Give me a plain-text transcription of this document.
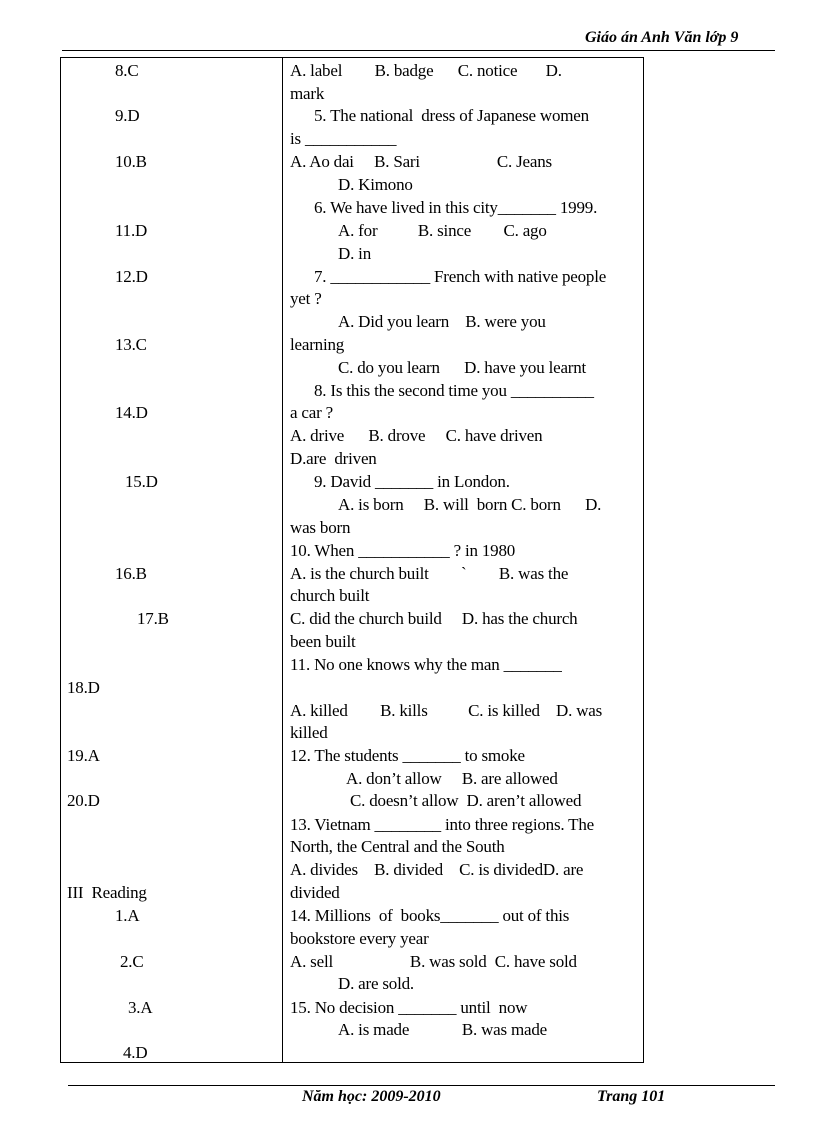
Giáo án Anh Văn lớp 9
8.C
9.D
10.B
11.D
12.D
13.C
14.D
15.D
16.B
17.B
18.D
19.A
20.D
III  Reading
1.A
2.C
3.A
4.D
A. label        B. badge      C. notice       D.
mark
5. The national  dress of Japanese women
is ___________
A. Ao dai     B. Sari                   C. Jeans
D. Kimono
6. We have lived in this city_______ 1999.
A. for          B. since        C. ago
D. in
7. ____________ French with native people
yet ?
A. Did you learn    B. were you
learning
C. do you learn      D. have you learnt
8. Is this the second time you __________
a car ?
A. drive      B. drove     C. have driven
D.are  driven
9. David _______ in London.
A. is born     B. will  born C. born      D.
was born
10. When ___________ ? in 1980
A. is the church built        `        B. was the
church built
C. did the church build     D. has the church
been built
11. No one knows why the man _______
A. killed        B. kills          C. is killed    D. was
killed
12. The students _______ to smoke
A. don’t allow     B. are allowed
C. doesn’t allow  D. aren’t allowed
13. Vietnam ________ into three regions. The
North, the Central and the South
A. divides    B. divided    C. is dividedD. are
divided
14. Millions  of  books_______ out of this
bookstore every year
A. sell                   B. was sold  C. have sold
D. are sold.
15. No decision _______ until  now
A. is made             B. was made
Năm học: 2009-2010	Trang 101
